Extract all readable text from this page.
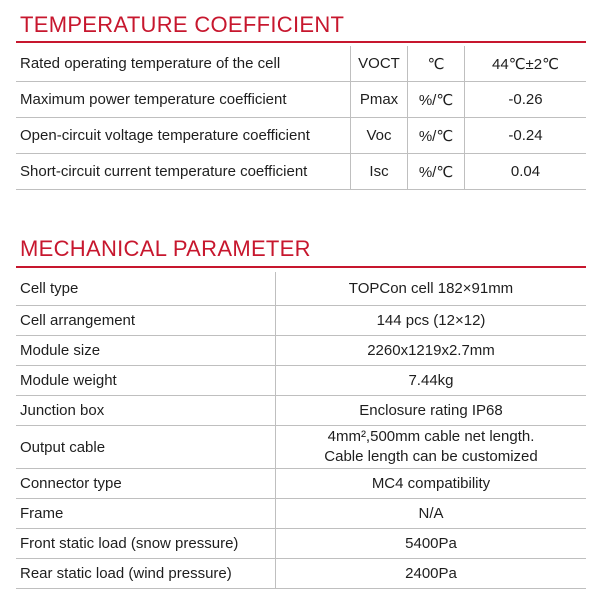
TEMPERATURE COEFFICIENT
Rated operating temperature of the cell	VOCT	℃	44℃±2℃
Maximum power temperature coefficient	Pmax	%/℃	-0.26
Open-circuit voltage temperature coefficient	Voc	%/℃	-0.24
Short-circuit current temperature coefficient	Isc	%/℃	0.04
MECHANICAL PARAMETER
Cell type	TOPCon cell 182×91mm
Cell arrangement	144 pcs (12×12)
Module size	2260x1219x2.7mm
Module weight	7.44kg
Junction box	Enclosure rating IP68
Output cable	4mm²,500mm cable net length.
Cable length can be customized

Connector type	MC4 compatibility
Frame	N/A
Front static load (snow pressure)	5400Pa
Rear static load (wind pressure)	2400Pa
